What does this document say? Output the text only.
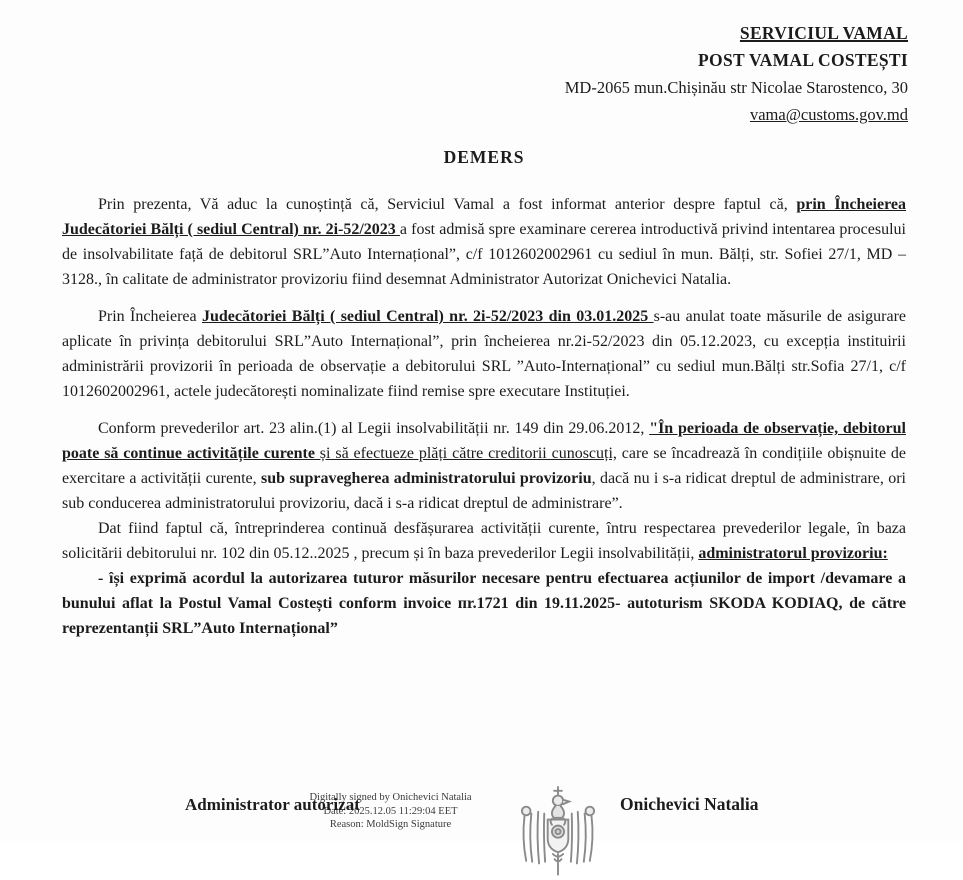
SERVICIUL VAMAL
POST VAMAL COSTEȘTI
MD-2065 mun.Chișinău str Nicolae Starostenco, 30
vama@customs.gov.md
DEMERS

Prin prezenta, Vă aduc la cunoștință că, Serviciul Vamal a fost informat anterior despre faptul că, prin Încheierea Judecătoriei Bălți ( sediul Central) nr. 2i-52/2023 a fost admisă spre examinare cererea introductivă privind intentarea procesului de insolvabilitate față de debitorul SRL”Auto Internațional”, c/f 1012602002961 cu sediul în mun. Bălți, str. Sofiei 27/1, MD – 3128., în calitate de administrator provizoriu fiind desemnat Administrator Autorizat Onichevici Natalia.

Prin Încheierea Judecătoriei Bălți ( sediul Central) nr. 2i-52/2023 din 03.01.2025 s-au anulat toate măsurile de asigurare aplicate în privința debitorului SRL”Auto Internațional”, prin încheierea nr.2i-52/2023 din 05.12.2023, cu excepția instituirii administrării provizorii în perioada de observație a debitorului SRL ”Auto-Internațional” cu sediul mun.Bălți str.Sofia 27/1, c/f 1012602002961, actele judecătorești nominalizate fiind remise spre executare Instituției.

Conform prevederilor art. 23 alin.(1) al Legii insolvabilității nr. 149 din 29.06.2012, "În perioada de observație, debitorul poate să continue activitățile curente și să efectueze plăți către creditorii cunoscuți, care se încadrează în condițiile obișnuite de exercitare a activității curente, sub supravegherea administratorului provizoriu, dacă nu i s-a ridicat dreptul de administrare, ori sub conducerea administratorului provizoriu, dacă i s-a ridicat dreptul de administrare”.

Dat fiind faptul că, întreprinderea continuă desfășurarea activității curente, întru respectarea prevederilor legale, în baza solicitării debitorului nr. 102 din 05.12..2025 , precum și în baza prevederilor Legii insolvabilității, administratorul provizoriu:

- își exprimă acordul la autorizarea tuturor măsurilor necesare pentru efectuarea acțiunilor de import /devamare a bunului aflat la Postul Vamal Costești conform invoice пr.1721 din 19.11.2025- autoturism SKODA KODIAQ, de către reprezentanții SRL”Auto Internațional”

Administrator autorizat
Digitally signed by Onichevici Natalia
Date: 2025.12.05 11:29:04 EET
Reason: MoldSign Signature
Onichevici Natalia
